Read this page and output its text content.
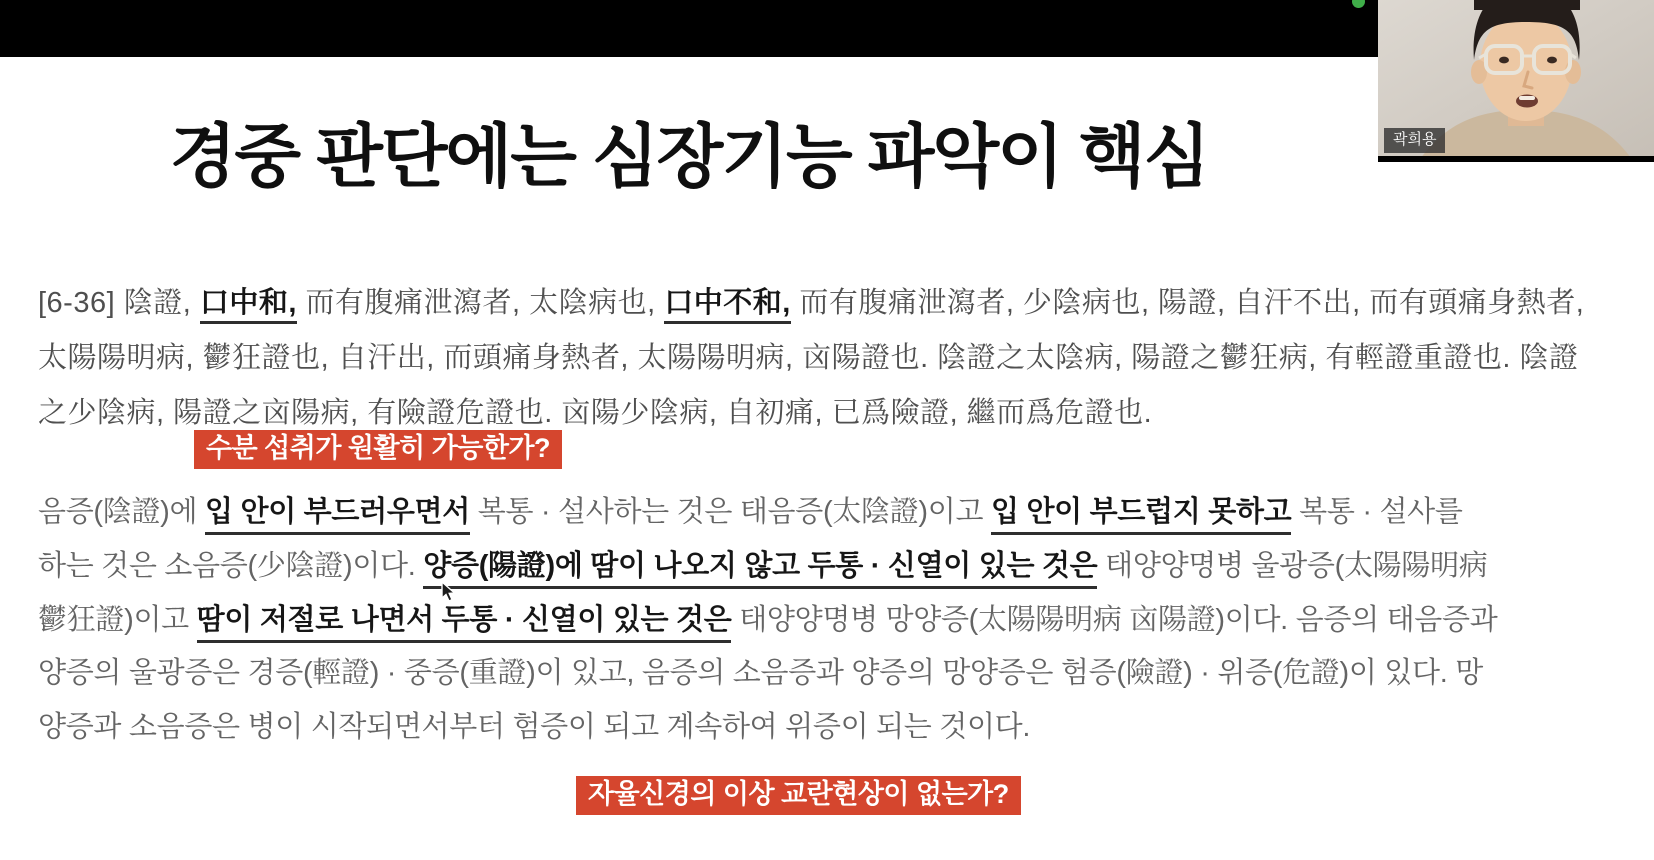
경중 판단에는 심장기능 파악이 핵심
[6-36] 陰證, 口中和, 而有腹痛泄瀉者, 太陰病也, 口中不和, 而有腹痛泄瀉者, 少陰病也, 陽證, 自汗不出, 而有頭痛身熱者,
太陽陽明病, 鬱狂證也, 自汗出, 而頭痛身熱者, 太陽陽明病, 㐫陽證也. 陰證之太陰病, 陽證之鬱狂病, 有輕證重證也. 陰證
之少陰病, 陽證之㐫陽病, 有險證危證也. 㐫陽少陰病, 自初痛, 已爲險證, 繼而爲危證也.
수분 섭취가 원활히 가능한가?
음증(陰證)에 입 안이 부드러우면서 복통 · 설사하는 것은 태음증(太陰證)이고 입 안이 부드럽지 못하고 복통 · 설사를
하는 것은 소음증(少陰證)이다. 양증(陽證)에 땀이 나오지 않고 두통 · 신열이 있는 것은 태양양명병 울광증(太陽陽明病
鬱狂證)이고 땀이 저절로 나면서 두통 · 신열이 있는 것은 태양양명병 망양증(太陽陽明病 㐫陽證)이다. 음증의 태음증과
양증의 울광증은 경증(輕證) · 중증(重證)이 있고, 음증의 소음증과 양증의 망양증은 험증(險證) · 위증(危證)이 있다. 망
양증과 소음증은 병이 시작되면서부터 험증이 되고 계속하여 위증이 되는 것이다.
자율신경의 이상 교란현상이 없는가?
곽희용
